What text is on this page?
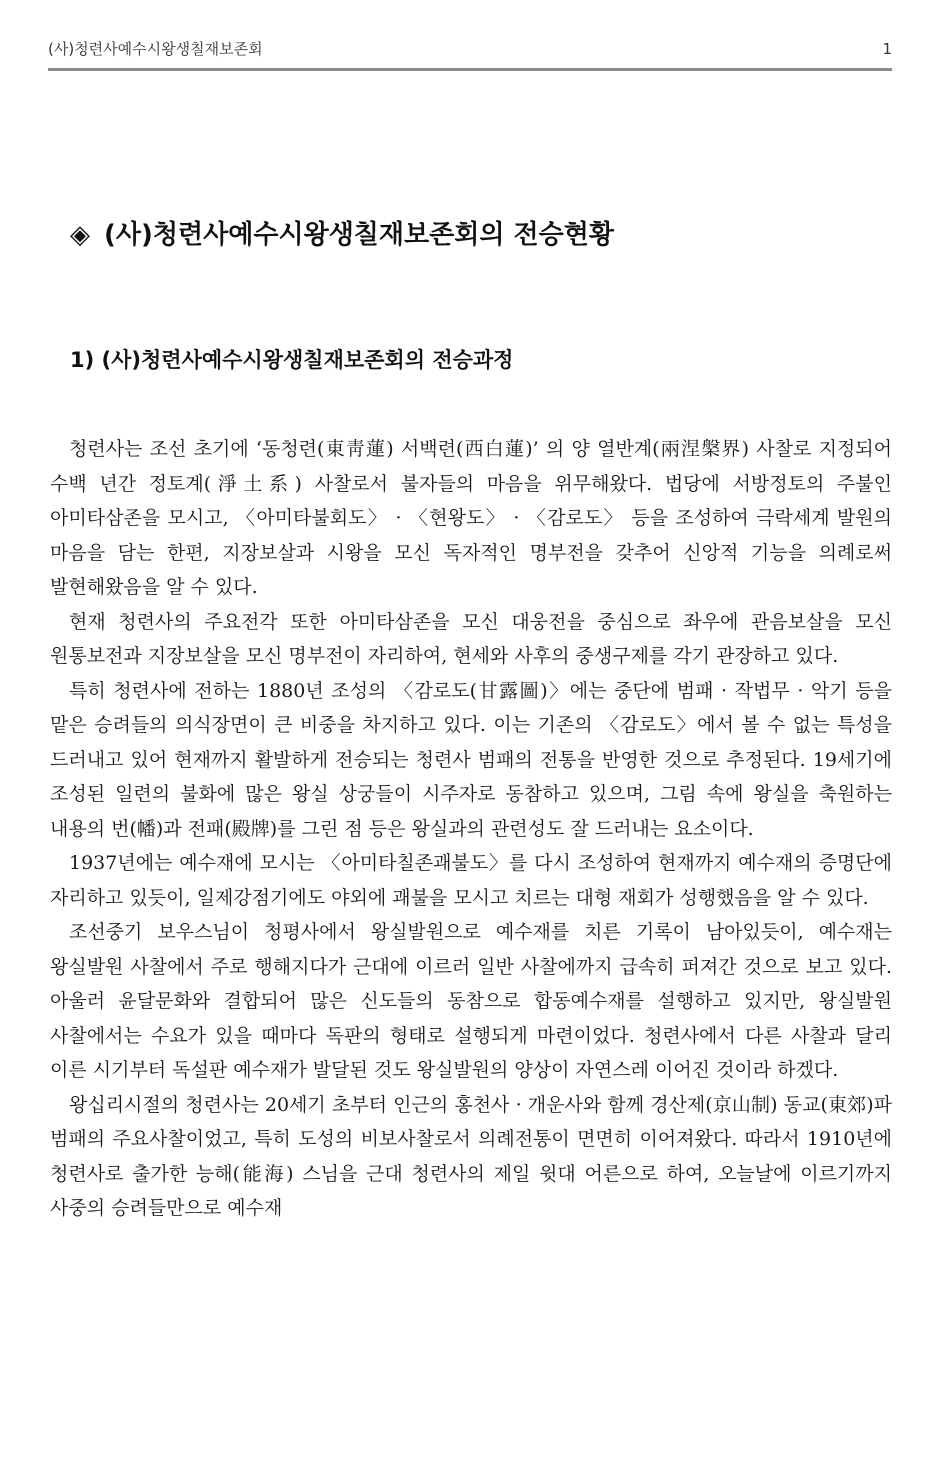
(사)청련사예수시왕생칠재보존회	1
◈ (사)청련사예수시왕생칠재보존회의 전승현황
1) (사)청련사예수시왕생칠재보존회의 전승과정

청련사는 조선 초기에 ‘동청련(東靑蓮) 서백련(西白蓮)’ 의 양 열반계(兩涅槃界) 사찰로 지정되어 수백 년간 정토계(淨土系) 사찰로서 불자들의 마음을 위무해왔다. 법당에 서방정토의 주불인 아미타삼존을 모시고, 〈아미타불회도〉 · 〈현왕도〉 · 〈감로도〉 등을 조성하여 극락세계 발원의 마음을 담는 한편, 지장보살과 시왕을 모신 독자적인 명부전을 갖추어 신앙적 기능을 의례로써 발현해왔음을 알 수 있다.

현재 청련사의 주요전각 또한 아미타삼존을 모신 대웅전을 중심으로 좌우에 관음보살을 모신 원통보전과 지장보살을 모신 명부전이 자리하여, 현세와 사후의 중생구제를 각기 관장하고 있다.

특히 청련사에 전하는 1880년 조성의 〈감로도(甘露圖)〉에는 중단에 범패 · 작법무 · 악기 등을 맡은 승려들의 의식장면이 큰 비중을 차지하고 있다. 이는 기존의 〈감로도〉에서 볼 수 없는 특성을 드러내고 있어 현재까지 활발하게 전승되는 청련사 범패의 전통을 반영한 것으로 추정된다. 19세기에 조성된 일련의 불화에 많은 왕실 상궁들이 시주자로 동참하고 있으며, 그림 속에 왕실을 축원하는 내용의 번(幡)과 전패(殿牌)를 그린 점 등은 왕실과의 관련성도 잘 드러내는 요소이다.

1937년에는 예수재에 모시는 〈아미타칠존괘불도〉를 다시 조성하여 현재까지 예수재의 증명단에 자리하고 있듯이, 일제강점기에도 야외에 괘불을 모시고 치르는 대형 재회가 성행했음을 알 수 있다.

조선중기 보우스님이 청평사에서 왕실발원으로 예수재를 치른 기록이 남아있듯이, 예수재는 왕실발원 사찰에서 주로 행해지다가 근대에 이르러 일반 사찰에까지 급속히 퍼져간 것으로 보고 있다. 아울러 윤달문화와 결합되어 많은 신도들의 동참으로 합동예수재를 설행하고 있지만, 왕실발원 사찰에서는 수요가 있을 때마다 독판의 형태로 설행되게 마련이었다. 청련사에서 다른 사찰과 달리 이른 시기부터 독설판 예수재가 발달된 것도 왕실발원의 양상이 자연스레 이어진 것이라 하겠다.

왕십리시절의 청련사는 20세기 초부터 인근의 홍천사 · 개운사와 함께 경산제(京山制) 동교(東郊)파 범패의 주요사찰이었고, 특히 도성의 비보사찰로서 의례전통이 면면히 이어져왔다. 따라서 1910년에 청련사로 출가한 능해(能海) 스님을 근대 청련사의 제일 윗대 어른으로 하여, 오늘날에 이르기까지 사중의 승려들만으로 예수재
